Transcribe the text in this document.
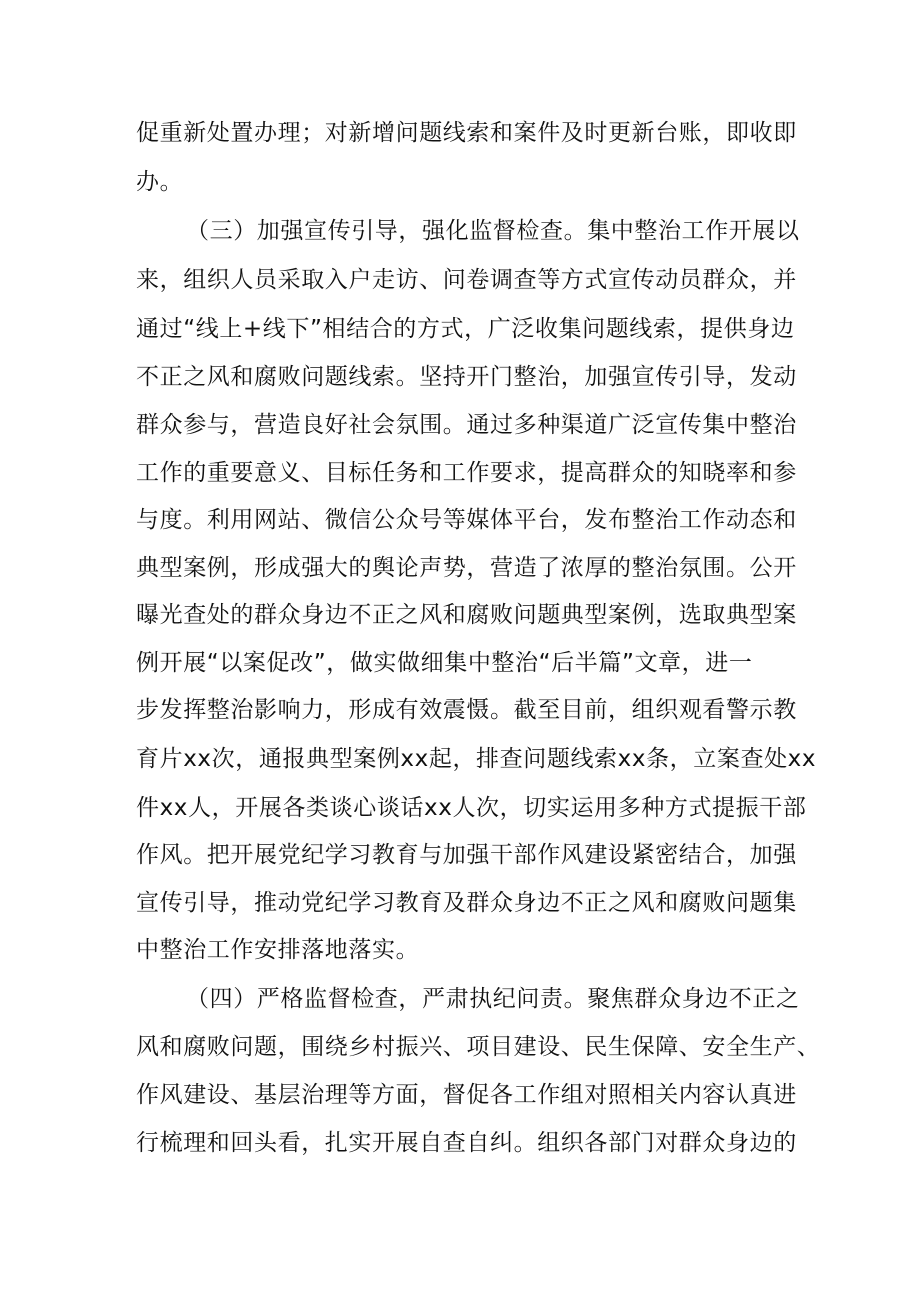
促重新处置办理；对新增问题线索和案件及时更新台账，即收即

办。

（三）加强宣传引导，强化监督检查。集中整治工作开展以

来，组织人员采取入户走访、问卷调查等方式宣传动员群众，并

通过“线上+线下”相结合的方式，广泛收集问题线索，提供身边

不正之风和腐败问题线索。坚持开门整治，加强宣传引导，发动

群众参与，营造良好社会氛围。通过多种渠道广泛宣传集中整治

工作的重要意义、目标任务和工作要求，提高群众的知晓率和参

与度。利用网站、微信公众号等媒体平台，发布整治工作动态和

典型案例，形成强大的舆论声势，营造了浓厚的整治氛围。公开

曝光查处的群众身边不正之风和腐败问题典型案例，选取典型案

例开展“以案促改”，做实做细集中整治“后半篇”文章，进一

步发挥整治影响力，形成有效震慑。截至目前，组织观看警示教

育片xx次，通报典型案例xx起，排查问题线索xx条，立案查处xx

件xx人，开展各类谈心谈话xx人次，切实运用多种方式提振干部

作风。把开展党纪学习教育与加强干部作风建设紧密结合，加强

宣传引导，推动党纪学习教育及群众身边不正之风和腐败问题集

中整治工作安排落地落实。

（四）严格监督检查，严肃执纪问责。聚焦群众身边不正之

风和腐败问题，围绕乡村振兴、项目建设、民生保障、安全生产、

作风建设、基层治理等方面，督促各工作组对照相关内容认真进

行梳理和回头看，扎实开展自查自纠。组织各部门对群众身边的
